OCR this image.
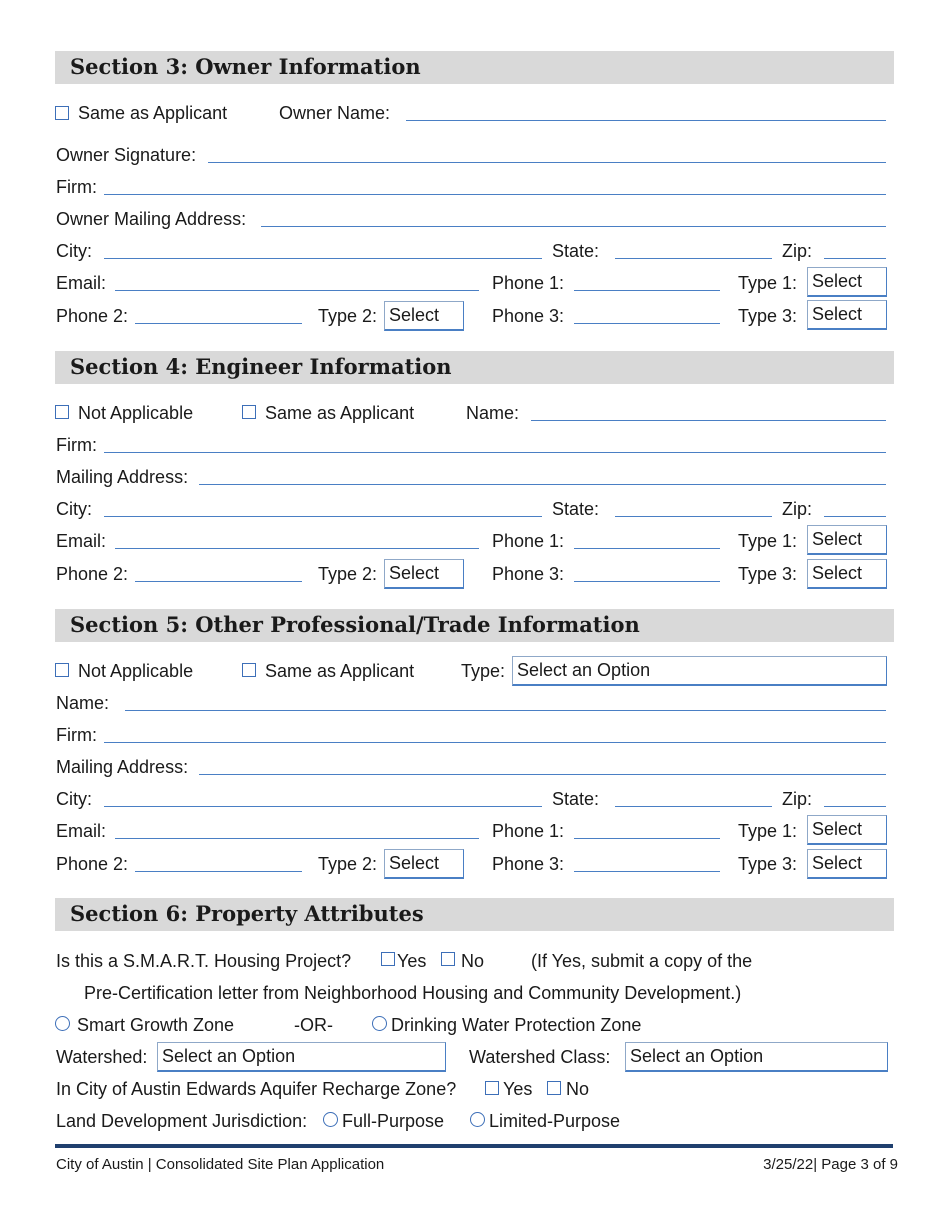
Section 3: Owner Information
Same as Applicant	Owner Name:
Owner Signature:
Firm:
Owner Mailing Address:
City:	State:	Zip:
Email:	Phone 1:	Type 1: Select
Phone 2:	Type 2: Select	Phone 3:	Type 3: Select
Section 4: Engineer Information
Not Applicable	Same as Applicant	Name:
Firm:
Mailing Address:
City:	State:	Zip:
Email:	Phone 1:	Type 1: Select
Phone 2:	Type 2: Select	Phone 3:	Type 3: Select
Section 5: Other Professional/Trade Information
Not Applicable	Same as Applicant	Type: Select an Option
Name:
Firm:
Mailing Address:
City:	State:	Zip:
Email:	Phone 1:	Type 1: Select
Phone 2:	Type 2: Select	Phone 3:	Type 3: Select
Section 6: Property Attributes
Is this a S.M.A.R.T. Housing Project?	Yes No	(If Yes, submit a copy of the
Pre-Certification letter from Neighborhood Housing and Community Development.)
Smart Growth Zone	-OR-	Drinking Water Protection Zone
Watershed: Select an Option	Watershed Class: Select an Option
In City of Austin Edwards Aquifer Recharge Zone?	Yes No
Land Development Jurisdiction: Full-Purpose Limited-Purpose
City of Austin | Consolidated Site Plan Application	3/25/22| Page 3 of 9
